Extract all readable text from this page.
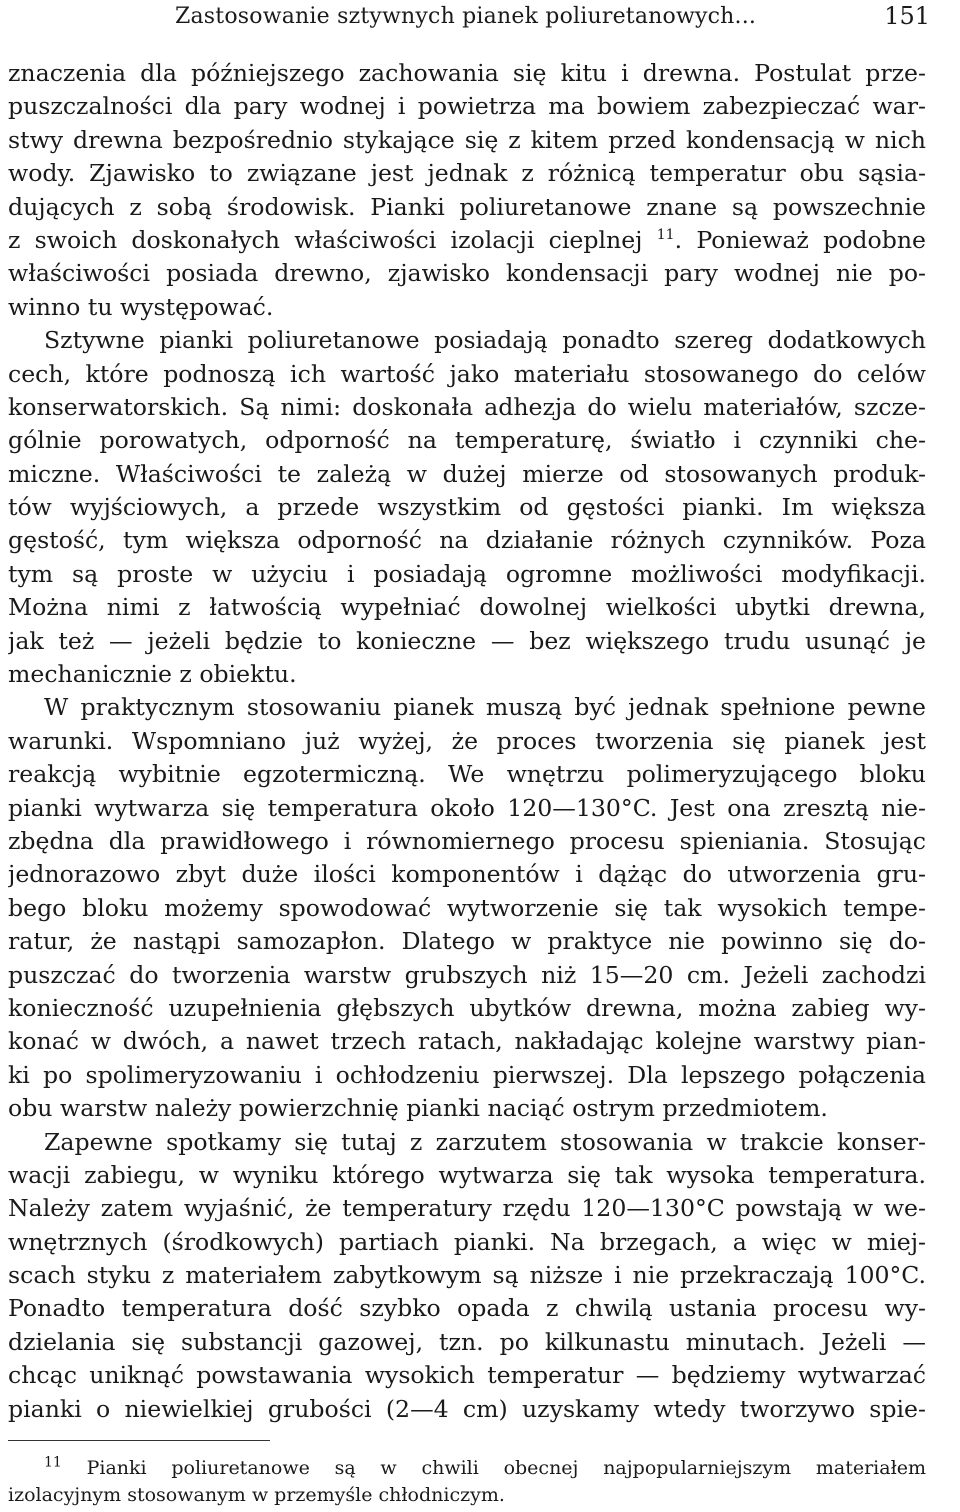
Zastosowanie sztywnych pianek poliuretanowych...	151
znaczenia dla późniejszego zachowania się kitu i drewna. Postulat prze-
puszczalności dla pary wodnej i powietrza ma bowiem zabezpieczać war-
stwy drewna bezpośrednio stykające się z kitem przed kondensacją w nich
wody. Zjawisko to związane jest jednak z różnicą temperatur obu sąsia-
dujących z sobą środowisk. Pianki poliuretanowe znane są powszechnie
z swoich doskonałych właściwości izolacji cieplnej $^{11}$. Ponieważ podobne
właściwości posiada drewno, zjawisko kondensacji pary wodnej nie po-
winno tu występować.
Sztywne pianki poliuretanowe posiadają ponadto szereg dodatkowych
cech, które podnoszą ich wartość jako materiału stosowanego do celów
konserwatorskich. Są nimi: doskonała adhezja do wielu materiałów, szcze-
gólnie porowatych, odporność na temperaturę, światło i czynniki che-
miczne. Właściwości te zależą w dużej mierze od stosowanych produk-
tów wyjściowych, a przede wszystkim od gęstości pianki. Im większa
gęstość, tym większa odporność na działanie różnych czynników. Poza
tym są proste w użyciu i posiadają ogromne możliwości modyfikacji.
Można nimi z łatwością wypełniać dowolnej wielkości ubytki drewna,
jak też — jeżeli będzie to konieczne — bez większego trudu usunąć je
mechanicznie z obiektu.
W praktycznym stosowaniu pianek muszą być jednak spełnione pewne
warunki. Wspomniano już wyżej, że proces tworzenia się pianek jest
reakcją wybitnie egzotermiczną. We wnętrzu polimeryzującego bloku
pianki wytwarza się temperatura około 120—130°C. Jest ona zresztą nie-
zbędna dla prawidłowego i równomiernego procesu spieniania. Stosując
jednorazowo zbyt duże ilości komponentów i dążąc do utworzenia gru-
bego bloku możemy spowodować wytworzenie się tak wysokich tempe-
ratur, że nastąpi samozapłon. Dlatego w praktyce nie powinno się do-
puszczać do tworzenia warstw grubszych niż 15—20 cm. Jeżeli zachodzi
konieczność uzupełnienia głębszych ubytków drewna, można zabieg wy-
konać w dwóch, a nawet trzech ratach, nakładając kolejne warstwy pian-
ki po spolimeryzowaniu i ochłodzeniu pierwszej. Dla lepszego połączenia
obu warstw należy powierzchnię pianki naciąć ostrym przedmiotem.
Zapewne spotkamy się tutaj z zarzutem stosowania w trakcie konser-
wacji zabiegu, w wyniku którego wytwarza się tak wysoka temperatura.
Należy zatem wyjaśnić, że temperatury rzędu 120—130°C powstają w we-
wnętrznych (środkowych) partiach pianki. Na brzegach, a więc w miej-
scach styku z materiałem zabytkowym są niższe i nie przekraczają 100°C.
Ponadto temperatura dość szybko opada z chwilą ustania procesu wy-
dzielania się substancji gazowej, tzn. po kilkunastu minutach. Jeżeli —
chcąc uniknąć powstawania wysokich temperatur — będziemy wytwarzać
pianki o niewielkiej grubości (2—4 cm) uzyskamy wtedy tworzywo spie-
$^{11}$ Pianki poliuretanowe są w chwili obecnej najpopularniejszym materiałem
izolacyjnym stosowanym w przemyśle chłodniczym.
